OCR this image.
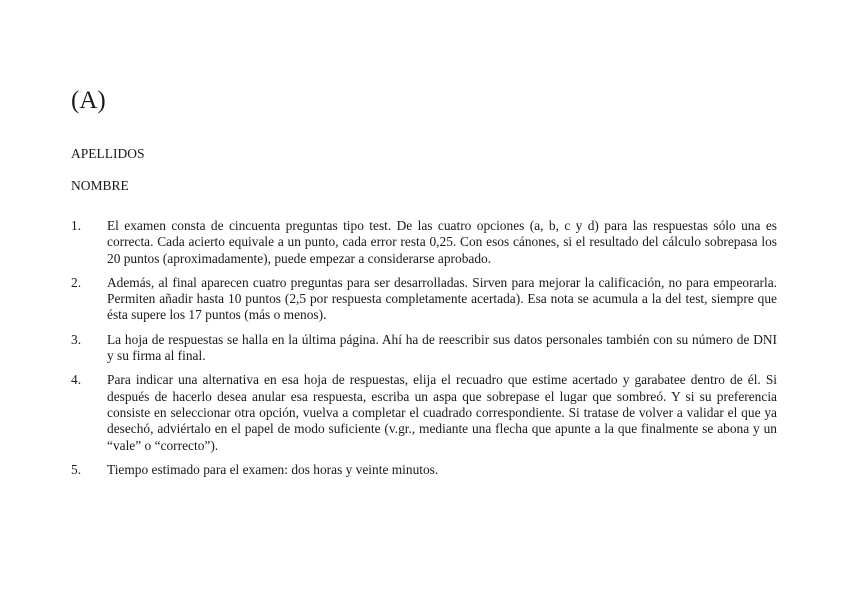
(A)

APELLIDOS

NOMBRE

1.	El examen consta de cincuenta preguntas tipo test. De las cuatro opciones (a, b, c y d) para las respuestas sólo una es correcta. Cada acierto equivale a un punto, cada error resta 0,25. Con esos cánones, si el resultado del cálculo sobrepasa los 20 puntos (aproximadamente), puede empezar a considerarse aprobado.
2.	Además, al final aparecen cuatro preguntas para ser desarrolladas. Sirven para mejorar la calificación, no para empeorarla. Permiten añadir hasta 10 puntos (2,5 por respuesta completamente acertada). Esa nota se acumula a la del test, siempre que ésta supere los 17 puntos (más o menos).
3.	La hoja de respuestas se halla en la última página. Ahí ha de reescribir sus datos personales también con su número de DNI y su firma al final.
4.	Para indicar una alternativa en esa hoja de respuestas, elija el recuadro que estime acertado y garabatee dentro de él. Si después de hacerlo desea anular esa respuesta, escriba un aspa que sobrepase el lugar que sombreó. Y si su preferencia consiste en seleccionar otra opción, vuelva a completar el cuadrado correspondiente. Si tratase de volver a validar el que ya desechó, adviértalo en el papel de modo suficiente (v.gr., mediante una flecha que apunte a la que finalmente se abona y un “vale” o “correcto”).
5.	Tiempo estimado para el examen: dos horas y veinte minutos.
